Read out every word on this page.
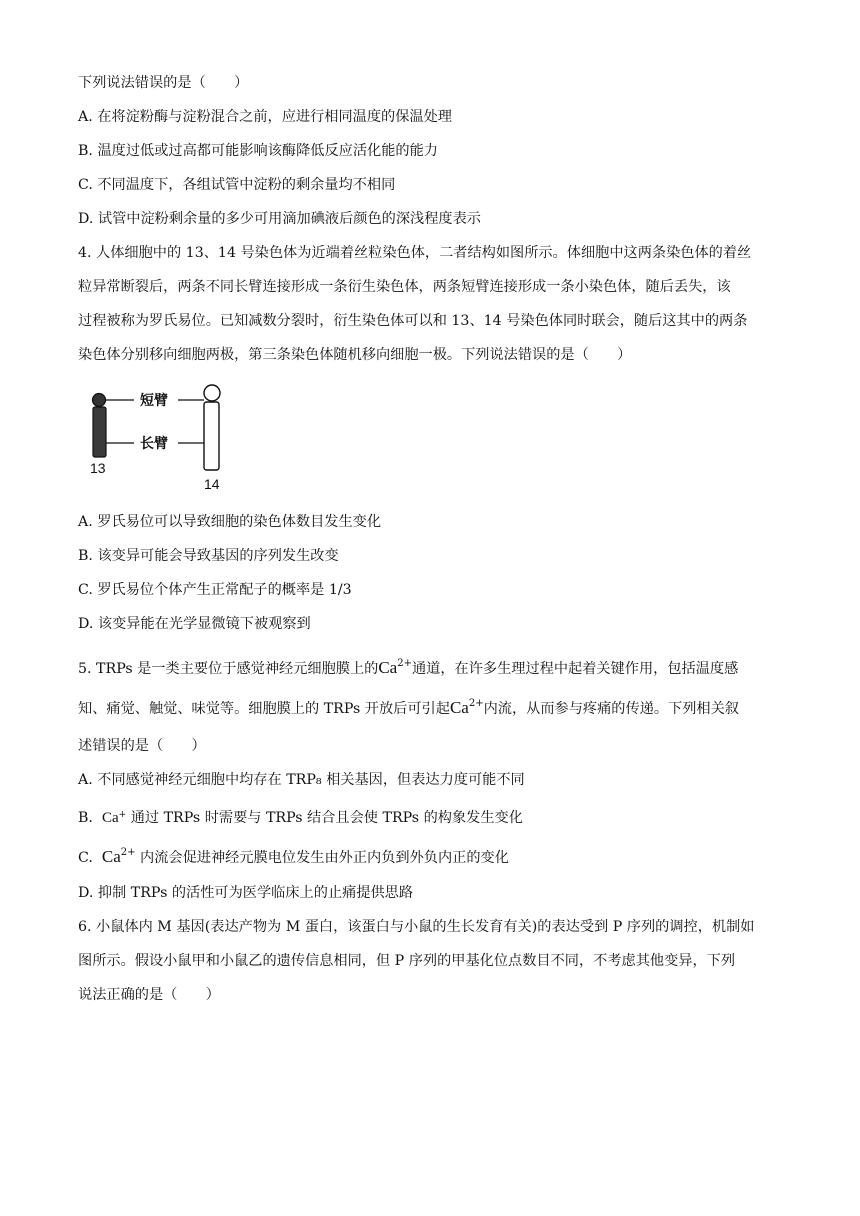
下列说法错误的是（　　）
A. 在将淀粉酶与淀粉混合之前，应进行相同温度的保温处理
B. 温度过低或过高都可能影响该酶降低反应活化能的能力
C. 不同温度下，各组试管中淀粉的剩余量均不相同
D. 试管中淀粉剩余量的多少可用滴加碘液后颜色的深浅程度表示
4. 人体细胞中的 13、14 号染色体为近端着丝粒染色体，二者结构如图所示。体细胞中这两条染色体的着丝
粒异常断裂后，两条不同长臂连接形成一条衍生染色体，两条短臂连接形成一条小染色体，随后丢失，该
过程被称为罗氏易位。已知减数分裂时，衍生染色体可以和 13、14 号染色体同时联会，随后这其中的两条
染色体分别移向细胞两极，第三条染色体随机移向细胞一极。下列说法错误的是（　　）
短臂
长臂
13
14
A. 罗氏易位可以导致细胞的染色体数目发生变化
B. 该变异可能会导致基因的序列发生改变
C. 罗氏易位个体产生正常配子的概率是 1/3
D. 该变异能在光学显微镜下被观察到
5. TRPs 是一类主要位于感觉神经元细胞膜上的$Ca^{2+}$通道，在许多生理过程中起着关键作用，包括温度感
知、痛觉、触觉、味觉等。细胞膜上的 TRPs 开放后可引起$Ca^{2+}$内流，从而参与疼痛的传递。下列相关叙
述错误的是（　　）
A. 不同感觉神经元细胞中均存在 TRP₈ 相关基因，但表达力度可能不同
B. Ca+ 通过 TRPs 时需要与 TRPs 结合且会使 TRPs 的构象发生变化
C. $Ca^{2+}$ 内流会促进神经元膜电位发生由外正内负到外负内正的变化
D. 抑制 TRPs 的活性可为医学临床上的止痛提供思路
6. 小鼠体内 M 基因(表达产物为 M 蛋白，该蛋白与小鼠的生长发育有关)的表达受到 P 序列的调控，机制如
图所示。假设小鼠甲和小鼠乙的遗传信息相同，但 P 序列的甲基化位点数目不同，不考虑其他变异，下列
说法正确的是（　　）
